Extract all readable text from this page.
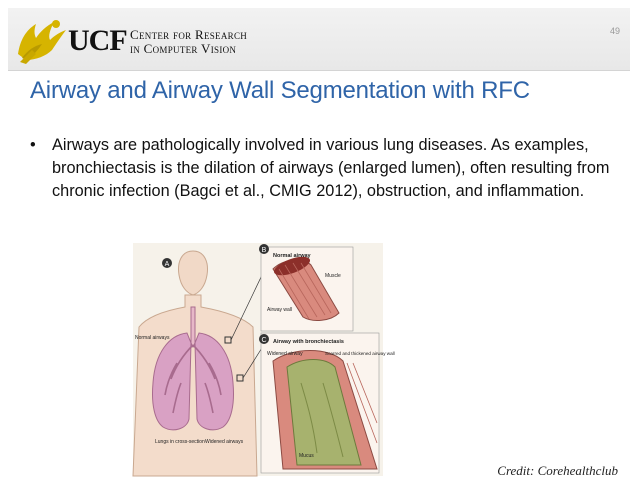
UCF Center for Research
in Computer Vision
49
Airway and Airway Wall Segmentation with RFC
• Airways are pathologically involved in various lung diseases. As examples, bronchiectasis is the dilation of airways (enlarged lumen), often resulting from chronic infection (Bagci et al., CMIG 2012), obstruction, and inflammation.
A
B
C
Normal airway
Muscle
Airway wall
Airway with bronchiectasis
Widened airway	Scarred and thickened airway wall
Normal airways
Lungs in cross-section Widened airways
Mucus
Credit: Corehealthclub
